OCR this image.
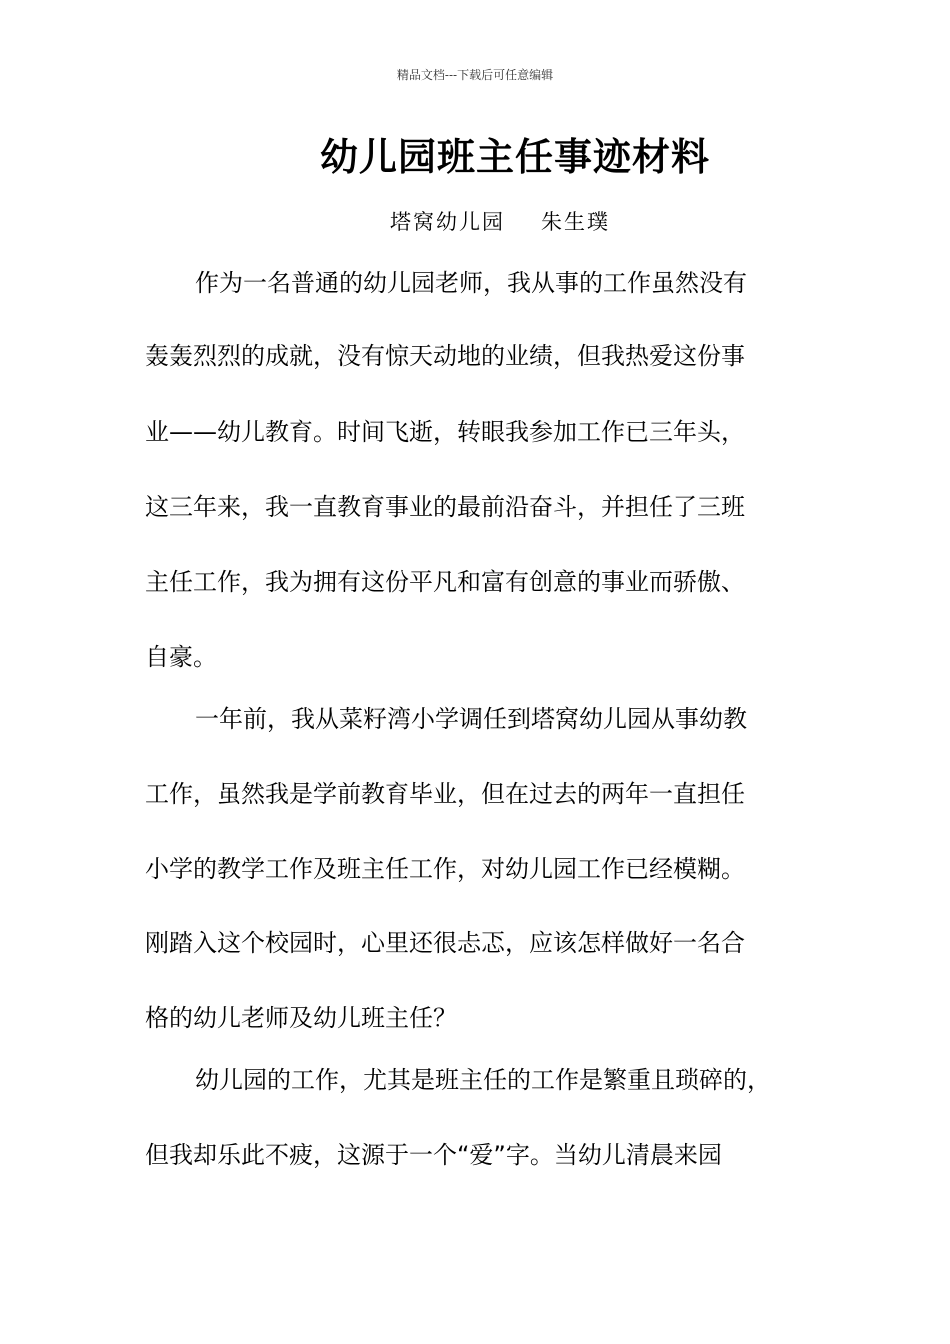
精品文档---下载后可任意编辑
幼儿园班主任事迹材料
塔窝幼儿园 朱生璞
作为一名普通的幼儿园老师，我从事的工作虽然没有
轰轰烈烈的成就，没有惊天动地的业绩，但我热爱这份事
业——幼儿教育。时间飞逝，转眼我参加工作已三年头，
这三年来，我一直教育事业的最前沿奋斗，并担任了三班
主任工作，我为拥有这份平凡和富有创意的事业而骄傲、
自豪。
一年前，我从菜籽湾小学调任到塔窝幼儿园从事幼教
工作，虽然我是学前教育毕业，但在过去的两年一直担任
小学的教学工作及班主任工作，对幼儿园工作已经模糊。
刚踏入这个校园时，心里还很忐忑，应该怎样做好一名合
格的幼儿老师及幼儿班主任？
幼儿园的工作，尤其是班主任的工作是繁重且琐碎的，
但我却乐此不疲，这源于一个“爱”字。当幼儿清晨来园
